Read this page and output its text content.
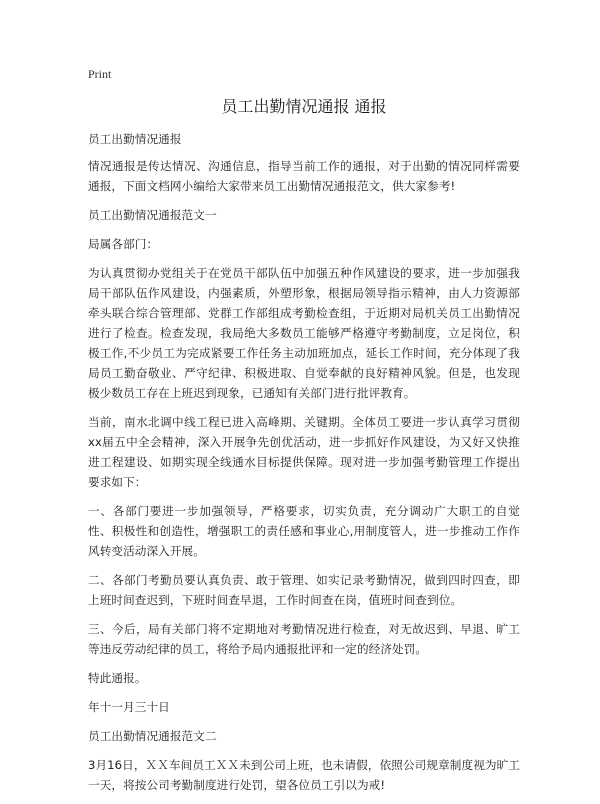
Print
员工出勤情况通报 通报

员工出勤情况通报

情况通报是传达情况、沟通信息，指导当前工作的通报，对于出勤的情况同样需要通报，下面文档网小编给大家带来员工出勤情况通报范文，供大家参考!

员工出勤情况通报范文一

局属各部门：

为认真贯彻办党组关于在党员干部队伍中加强五种作风建设的要求，进一步加强我局干部队伍作风建设，内强素质，外塑形象，根据局领导指示精神，由人力资源部牵头联合综合管理部、党群工作部组成考勤检查组，于近期对局机关员工出勤情况进行了检查。检查发现，我局绝大多数员工能够严格遵守考勤制度，立足岗位，积极工作,不少员工为完成紧要工作任务主动加班加点，延长工作时间，充分体现了我局员工勤奋敬业、严守纪律、积极进取、自觉奉献的良好精神风貌。但是，也发现极少数员工存在上班迟到现象，已通知有关部门进行批评教育。

当前，南水北调中线工程已进入高峰期、关键期。全体员工要进一步认真学习贯彻xx届五中全会精神，深入开展争先创优活动，进一步抓好作风建设，为又好又快推进工程建设、如期实现全线通水目标提供保障。现对进一步加强考勤管理工作提出要求如下：

一、各部门要进一步加强领导，严格要求，切实负责，充分调动广大职工的自觉性、积极性和创造性，增强职工的责任感和事业心,用制度管人，进一步推动工作作风转变活动深入开展。

二、各部门考勤员要认真负责、敢于管理、如实记录考勤情况，做到四时四查，即上班时间查迟到，下班时间查早退，工作时间查在岗，值班时间查到位。

三、今后，局有关部门将不定期地对考勤情况进行检查，对无故迟到、早退、旷工等违反劳动纪律的员工，将给予局内通报批评和一定的经济处罚。

特此通报。

年十一月三十日

员工出勤情况通报范文二

3月16日，ＸＸ车间员工ＸＸ未到公司上班，也未请假，依照公司规章制度视为旷工一天，将按公司考勤制度进行处罚，望各位员工引以为戒!
